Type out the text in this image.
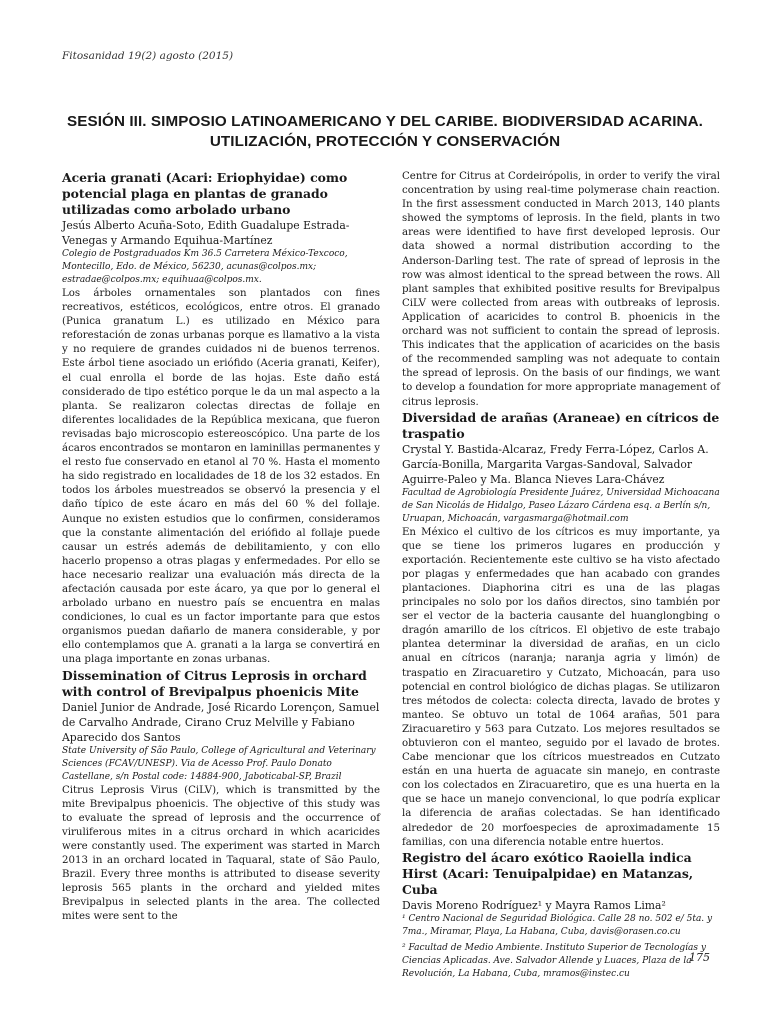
Fitosanidad 19(2) agosto (2015)
SESIÓN III. SIMPOSIO LATINOAMERICANO Y DEL CARIBE. BIODIVERSIDAD ACARINA.
UTILIZACIÓN, PROTECCIÓN Y CONSERVACIÓN

Aceria granati (Acari: Eriophyidae) como potencial plaga en plantas de granado utilizadas como arbolado urbano

Jesús Alberto Acuña-Soto, Edith Guadalupe Estrada-Venegas y Armando Equihua-Martínez

Colegio de Postgraduados Km 36.5 Carretera México-Texcoco, Montecillo, Edo. de México, 56230, acunas@colpos.mx; estradae@colpos.mx; equihuaa@colpos.mx.

Los árboles ornamentales son plantados con fines recreativos, estéticos, ecológicos, entre otros. El granado (Punica granatum L.) es utilizado en México para reforestación de zonas urbanas porque es llamativo a la vista y no requiere de grandes cuidados ni de buenos terrenos. Este árbol tiene asociado un eriófido (Aceria granati, Keifer), el cual enrolla el borde de las hojas. Este daño está considerado de tipo estético porque le da un mal aspecto a la planta. Se realizaron colectas directas de follaje en diferentes localidades de la República mexicana, que fueron revisadas bajo microscopio estereoscópico. Una parte de los ácaros encontrados se montaron en laminillas permanentes y el resto fue conservado en etanol al 70 %. Hasta el momento ha sido registrado en localidades de 18 de los 32 estados. En todos los árboles muestreados se observó la presencia y el daño típico de este ácaro en más del 60 % del follaje. Aunque no existen estudios que lo confirmen, consideramos que la constante alimentación del eriófido al follaje puede causar un estrés además de debilitamiento, y con ello hacerlo propenso a otras plagas y enfermedades. Por ello se hace necesario realizar una evaluación más directa de la afectación causada por este ácaro, ya que por lo general el arbolado urbano en nuestro país se encuentra en malas condiciones, lo cual es un factor importante para que estos organismos puedan dañarlo de manera considerable, y por ello contemplamos que A. granati a la larga se convertirá en una plaga importante en zonas urbanas.

Dissemination of Citrus Leprosis in orchard with control of Brevipalpus phoenicis Mite

Daniel Junior de Andrade, José Ricardo Lorençon, Samuel de Carvalho Andrade, Cirano Cruz Melville y Fabiano Aparecido dos Santos

State University of São Paulo, College of Agricultural and Veterinary Sciences (FCAV/UNESP). Via de Acesso Prof. Paulo Donato Castellane, s/n Postal code: 14884-900, Jaboticabal-SP, Brazil

Citrus Leprosis Virus (CiLV), which is transmitted by the mite Brevipalpus phoenicis. The objective of this study was to evaluate the spread of leprosis and the occurrence of viruliferous mites in a citrus orchard in which acaricides were constantly used. The experiment was started in March 2013 in an orchard located in Taquaral, state of São Paulo, Brazil. Every three months is attributed to disease severity leprosis 565 plants in the orchard and yielded mites Brevipalpus in selected plants in the area. The collected mites were sent to the

Centre for Citrus at Cordeirópolis, in order to verify the viral concentration by using real-time polymerase chain reaction. In the first assessment conducted in March 2013, 140 plants showed the symptoms of leprosis. In the field, plants in two areas were identified to have first developed leprosis. Our data showed a normal distribution according to the Anderson-Darling test. The rate of spread of leprosis in the row was almost identical to the spread between the rows. All plant samples that exhibited positive results for Brevipalpus CiLV were collected from areas with outbreaks of leprosis. Application of acaricides to control B. phoenicis in the orchard was not sufficient to contain the spread of leprosis. This indicates that the application of acaricides on the basis of the recommended sampling was not adequate to contain the spread of leprosis. On the basis of our findings, we want to develop a foundation for more appropriate management of citrus leprosis.

Diversidad de arañas (Araneae) en cítricos de traspatio

Crystal Y. Bastida-Alcaraz, Fredy Ferra-López, Carlos A. García-Bonilla, Margarita Vargas-Sandoval, Salvador Aguirre-Paleo y Ma. Blanca Nieves Lara-Chávez

Facultad de Agrobiología Presidente Juárez, Universidad Michoacana de San Nicolás de Hidalgo, Paseo Lázaro Cárdena esq. a Berlín s/n, Uruapan, Michoacán, vargasmarga@hotmail.com

En México el cultivo de los cítricos es muy importante, ya que se tiene los primeros lugares en producción y exportación. Recientemente este cultivo se ha visto afectado por plagas y enfermedades que han acabado con grandes plantaciones. Diaphorina citri es una de las plagas principales no solo por los daños directos, sino también por ser el vector de la bacteria causante del huanglongbing o dragón amarillo de los cítricos. El objetivo de este trabajo plantea determinar la diversidad de arañas, en un ciclo anual en cítricos (naranja; naranja agria y limón) de traspatio en Ziracuaretiro y Cutzato, Michoacán, para uso potencial en control biológico de dichas plagas. Se utilizaron tres métodos de colecta: colecta directa, lavado de brotes y manteo. Se obtuvo un total de 1064 arañas, 501 para Ziracuaretiro y 563 para Cutzato. Los mejores resultados se obtuvieron con el manteo, seguido por el lavado de brotes. Cabe mencionar que los cítricos muestreados en Cutzato están en una huerta de aguacate sin manejo, en contraste con los colectados en Ziracuaretiro, que es una huerta en la que se hace un manejo convencional, lo que podría explicar la diferencia de arañas colectadas. Se han identificado alrededor de 20 morfoespecies de aproximadamente 15 familias, con una diferencia notable entre huertos.

Registro del ácaro exótico Raoiella indica Hirst (Acari: Tenuipalpidae) en Matanzas, Cuba

Davis Moreno Rodríguez¹ y Mayra Ramos Lima²

¹ Centro Nacional de Seguridad Biológica. Calle 28 no. 502 e/ 5ta. y 7ma., Miramar, Playa, La Habana, Cuba, davis@orasen.co.cu

² Facultad de Medio Ambiente. Instituto Superior de Tecnologías y Ciencias Aplicadas. Ave. Salvador Allende y Luaces, Plaza de la Revolución, La Habana, Cuba, mramos@instec.cu

175
